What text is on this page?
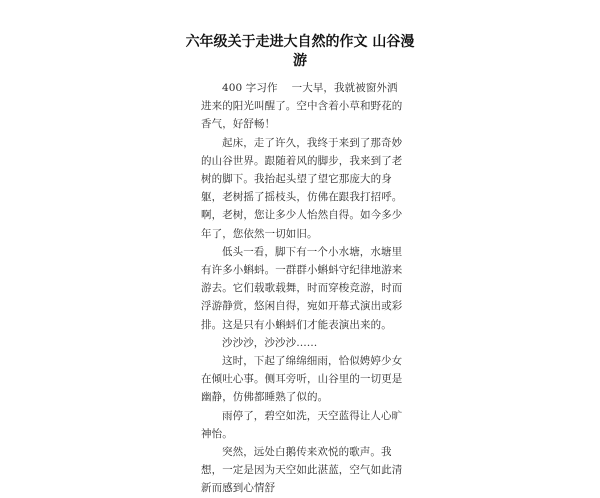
六年级关于走进大自然的作文 山谷漫
游

400 字习作　 一大早，我就被窗外洒进来的阳光叫醒了。空中含着小草和野花的香气，好舒畅！

起床，走了许久，我终于来到了那奇妙的山谷世界。跟随着风的脚步，我来到了老树的脚下。我抬起头望了望它那庞大的身躯，老树摇了摇枝头，仿佛在跟我打招呼。啊，老树，您让多少人怡然自得。如今多少年了，您依然一切如旧。

低头一看，脚下有一个小水塘，水塘里有许多小蝌蚪。一群群小蝌蚪守纪律地游来游去。它们载歌载舞，时而穿梭竞游，时而浮游静赏，悠闲自得，宛如开幕式演出或彩排。这是只有小蝌蚪们才能表演出来的。

沙沙沙，沙沙沙……

这时，下起了绵绵细雨，恰似娉婷少女在倾吐心事。侧耳旁听，山谷里的一切更是幽静，仿佛都睡熟了似的。

雨停了，碧空如洗，天空蓝得让人心旷神怡。

突然，远处白鹅传来欢悦的歌声。我想，一定是因为天空如此湛蓝，空气如此清新而感到心情舒
